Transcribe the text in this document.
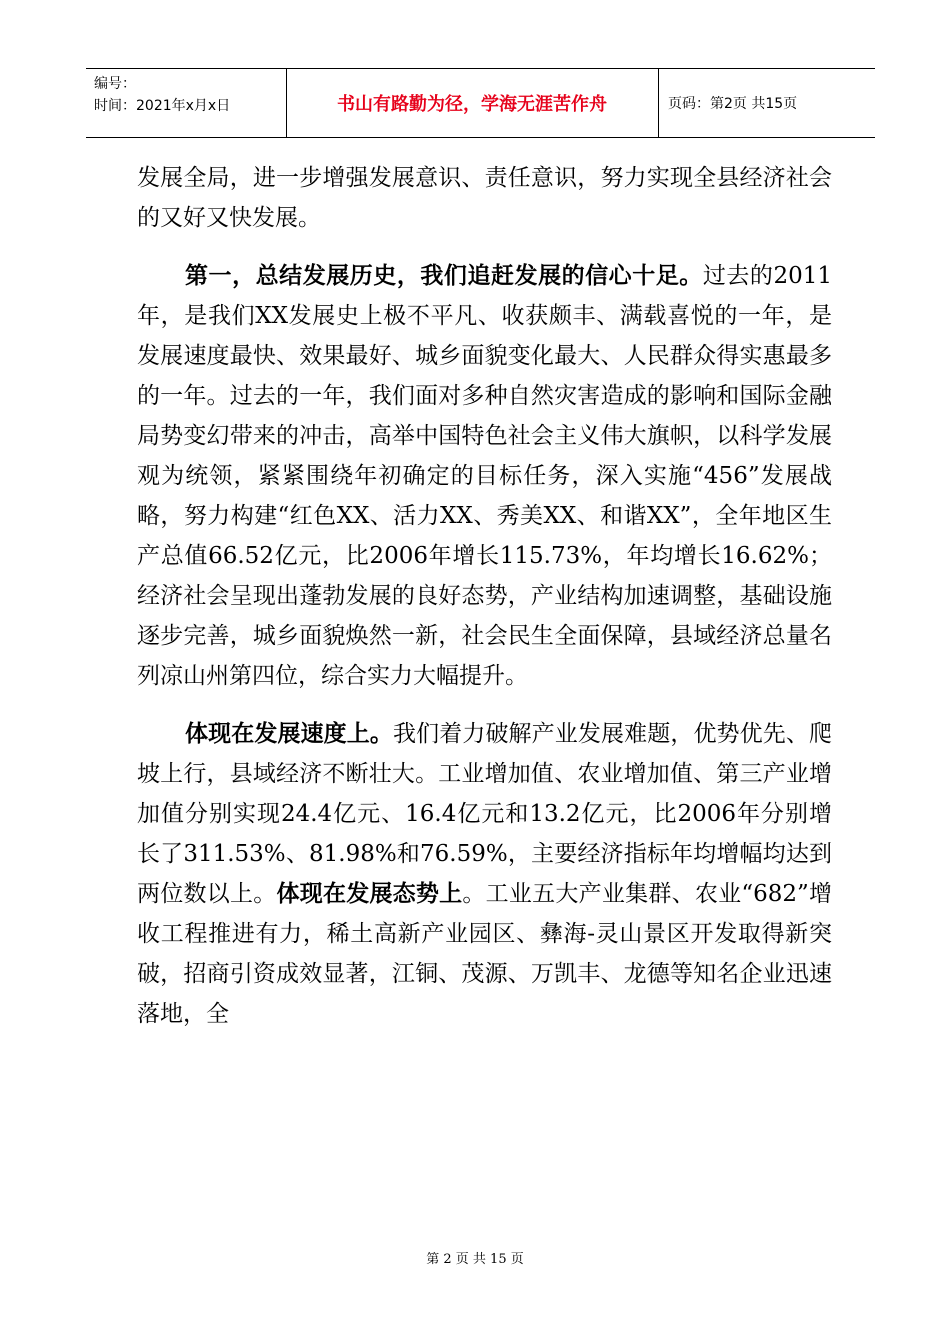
编号：
时间：2021年x月x日	书山有路勤为径，学海无涯苦作舟	页码：第2页 共15页

发展全局，进一步增强发展意识、责任意识，努力实现全县经济社会的又好又快发展。

第一，总结发展历史，我们追赶发展的信心十足。过去的2011年，是我们XX发展史上极不平凡、收获颇丰、满载喜悦的一年，是发展速度最快、效果最好、城乡面貌变化最大、人民群众得实惠最多的一年。过去的一年，我们面对多种自然灾害造成的影响和国际金融局势变幻带来的冲击，高举中国特色社会主义伟大旗帜，以科学发展观为统领，紧紧围绕年初确定的目标任务，深入实施“456”发展战略，努力构建“红色XX、活力XX、秀美XX、和谐XX”，全年地区生产总值66.52亿元，比2006年增长115.73%，年均增长16.62%；经济社会呈现出蓬勃发展的良好态势，产业结构加速调整，基础设施逐步完善，城乡面貌焕然一新，社会民生全面保障，县域经济总量名列凉山州第四位，综合实力大幅提升。

体现在发展速度上。我们着力破解产业发展难题，优势优先、爬坡上行，县域经济不断壮大。工业增加值、农业增加值、第三产业增加值分别实现24.4亿元、16.4亿元和13.2亿元，比2006年分别增长了311.53%、81.98%和76.59%，主要经济指标年均增幅均达到两位数以上。体现在发展态势上。工业五大产业集群、农业“682”增收工程推进有力，稀土高新产业园区、彝海-灵山景区开发取得新突破，招商引资成效显著，江铜、茂源、万凯丰、龙德等知名企业迅速落地，全

第 2 页 共 15 页
